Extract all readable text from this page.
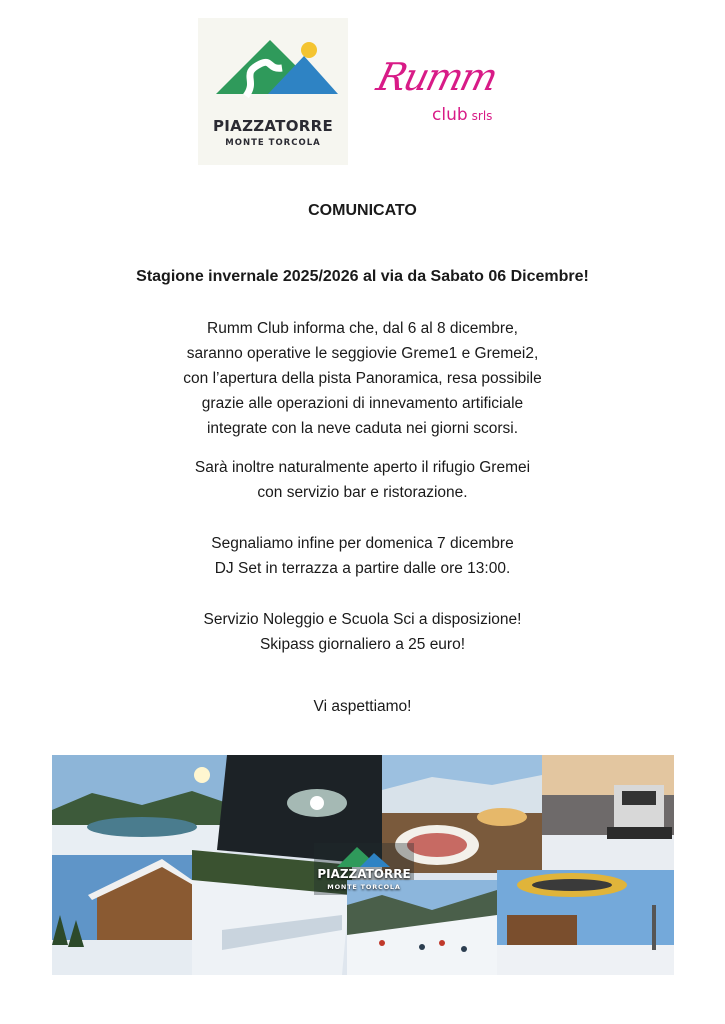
PIAZZATORRE
MONTE TORCOLA
Rumm
club srls
COMUNICATO
Stagione invernale 2025/2026 al via da Sabato 06 Dicembre!
Rumm Club informa che, dal 6 al 8 dicembre,
saranno operative le seggiovie Greme1 e Gremei2,
con l’apertura della pista Panoramica, resa possibile
grazie alle operazioni di innevamento artificiale
integrate con la neve caduta nei giorni scorsi.
Sarà inoltre naturalmente aperto il rifugio Gremei
con servizio bar e ristorazione.
Segnaliamo infine per domenica 7 dicembre
DJ Set in terrazza a partire dalle ore 13:00.
Servizio Noleggio e Scuola Sci a disposizione!
Skipass giornaliero a 25 euro!
Vi aspettiamo!
PIAZZATORRE
MONTE TORCOLA
